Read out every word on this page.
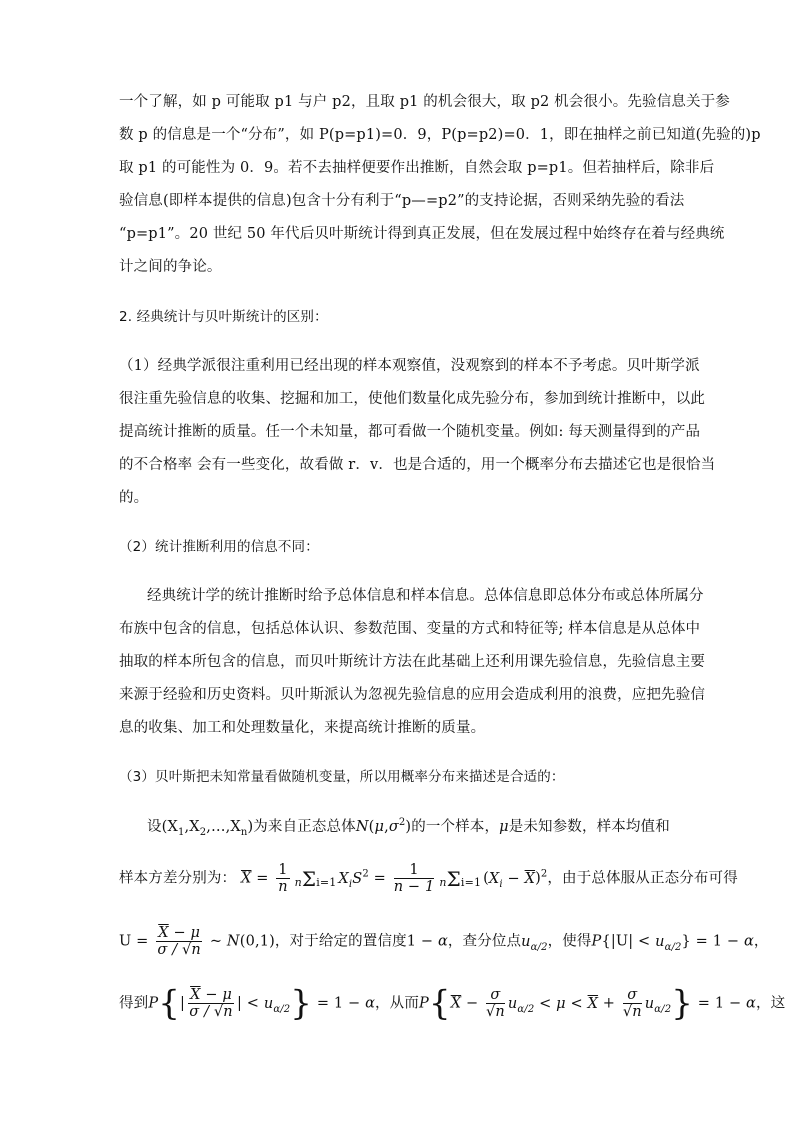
一个了解，如 p 可能取 p1 与户 p2，且取 p1 的机会很大，取 p2 机会很小。先验信息关于参
数 p 的信息是一个“分布”，如 P(p=p1)=0．9，P(p=p2)=0．1，即在抽样之前已知道(先验的)p
取 p1 的可能性为 0．9。若不去抽样便要作出推断，自然会取 p=p1。但若抽样后，除非后
验信息(即样本提供的信息)包含十分有利于“p—=p2”的支持论据，否则采纳先验的看法
“p=p1”。20 世纪 50 年代后贝叶斯统计得到真正发展，但在发展过程中始终存在着与经典统
计之间的争论。
2. 经典统计与贝叶斯统计的区别：
（1）经典学派很注重利用已经出现的样本观察值，没观察到的样本不予考虑。贝叶斯学派
很注重先验信息的收集、挖掘和加工，使他们数量化成先验分布，参加到统计推断中，以此
提高统计推断的质量。任一个未知量，都可看做一个随机变量。例如: 每天测量得到的产品
的不合格率 会有一些变化，故看做 r．v．也是合适的，用一个概率分布去描述它也是很恰当
的。
（2）统计推断利用的信息不同：
经典统计学的统计推断时给予总体信息和样本信息。总体信息即总体分布或总体所属分
布族中包含的信息，包括总体认识、参数范围、变量的方式和特征等; 样本信息是从总体中
抽取的样本所包含的信息，而贝叶斯统计方法在此基础上还利用课先验信息，先验信息主要
来源于经验和历史资料。贝叶斯派认为忽视先验信息的应用会造成利用的浪费，应把先验信
息的收集、加工和处理数量化，来提高统计推断的质量。
（3）贝叶斯把未知常量看做随机变量，所以用概率分布来描述是合适的：
设$(X_1,X_2,\dots,X_n)$为来自正态总体$N(\mu,\sigma^2)$的一个样本，μ是未知参数，样本均值和
样本方差分别为： $\overline{X} = \frac{1}{n} n\Sigma i=1$ $X_iS^2 = \frac{1}{n - 1} n\Sigma i=1$ $(X_i - \overline{X})^2$，由于总体服从正态分布可得
$U = \frac{\overline{X} - \mu}{\sigma / √n}$ ~ N(0,1)，对于给定的置信度1 − α，查分位点$u_{\alpha/2}$，使得$P\{|U| < u_{\alpha/2}\} = 1 - \alpha$，
得到$P\{| \frac{\overline{X} - \mu}{\sigma / √n}$ | < $u_{\alpha/2}\} = 1 - \alpha$，从而$P\{\overline{X} - \frac{\sigma}{√n} u_{\alpha/2} < \mu < \overline{X} + \frac{\sigma}{√n} u_{\alpha/2}\} = 1 - \alpha$，这
